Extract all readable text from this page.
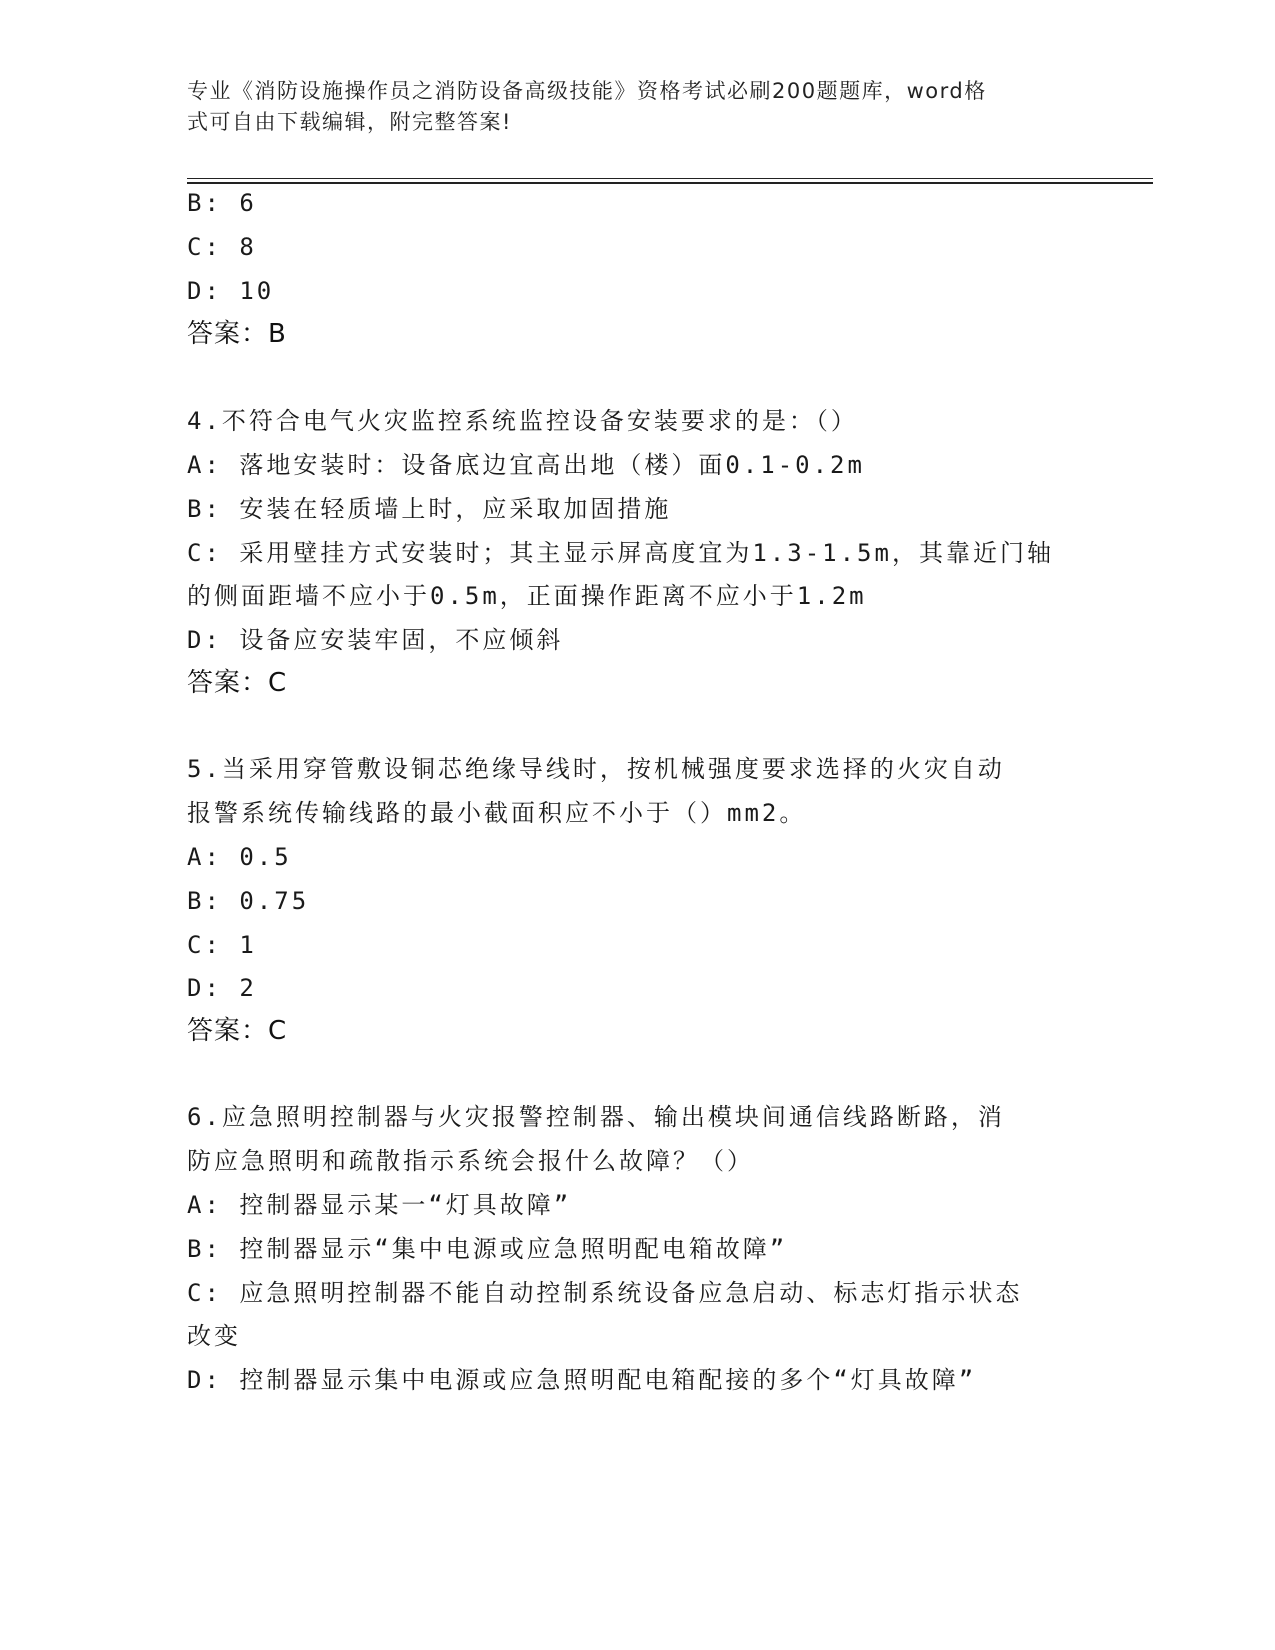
专业《消防设施操作员之消防设备高级技能》资格考试必刷200题题库，word格
式可自由下载编辑，附完整答案!
B: 6
C: 8
D: 10
答案：B
4.不符合电气火灾监控系统监控设备安装要求的是：（）
A: 落地安装时：设备底边宜高出地（楼）面0.1-0.2m
B: 安装在轻质墙上时，应采取加固措施
C: 采用壁挂方式安装时；其主显示屏高度宜为1.3-1.5m，其靠近门轴
的侧面距墙不应小于0.5m，正面操作距离不应小于1.2m
D: 设备应安装牢固，不应倾斜
答案：C
5.当采用穿管敷设铜芯绝缘导线时，按机械强度要求选择的火灾自动
报警系统传输线路的最小截面积应不小于（）mm2。
A: 0.5
B: 0.75
C: 1
D: 2
答案：C
6.应急照明控制器与火灾报警控制器、输出模块间通信线路断路，消
防应急照明和疏散指示系统会报什么故障？（）
A: 控制器显示某一“灯具故障”
B: 控制器显示“集中电源或应急照明配电箱故障”
C: 应急照明控制器不能自动控制系统设备应急启动、标志灯指示状态
改变
D: 控制器显示集中电源或应急照明配电箱配接的多个“灯具故障”
